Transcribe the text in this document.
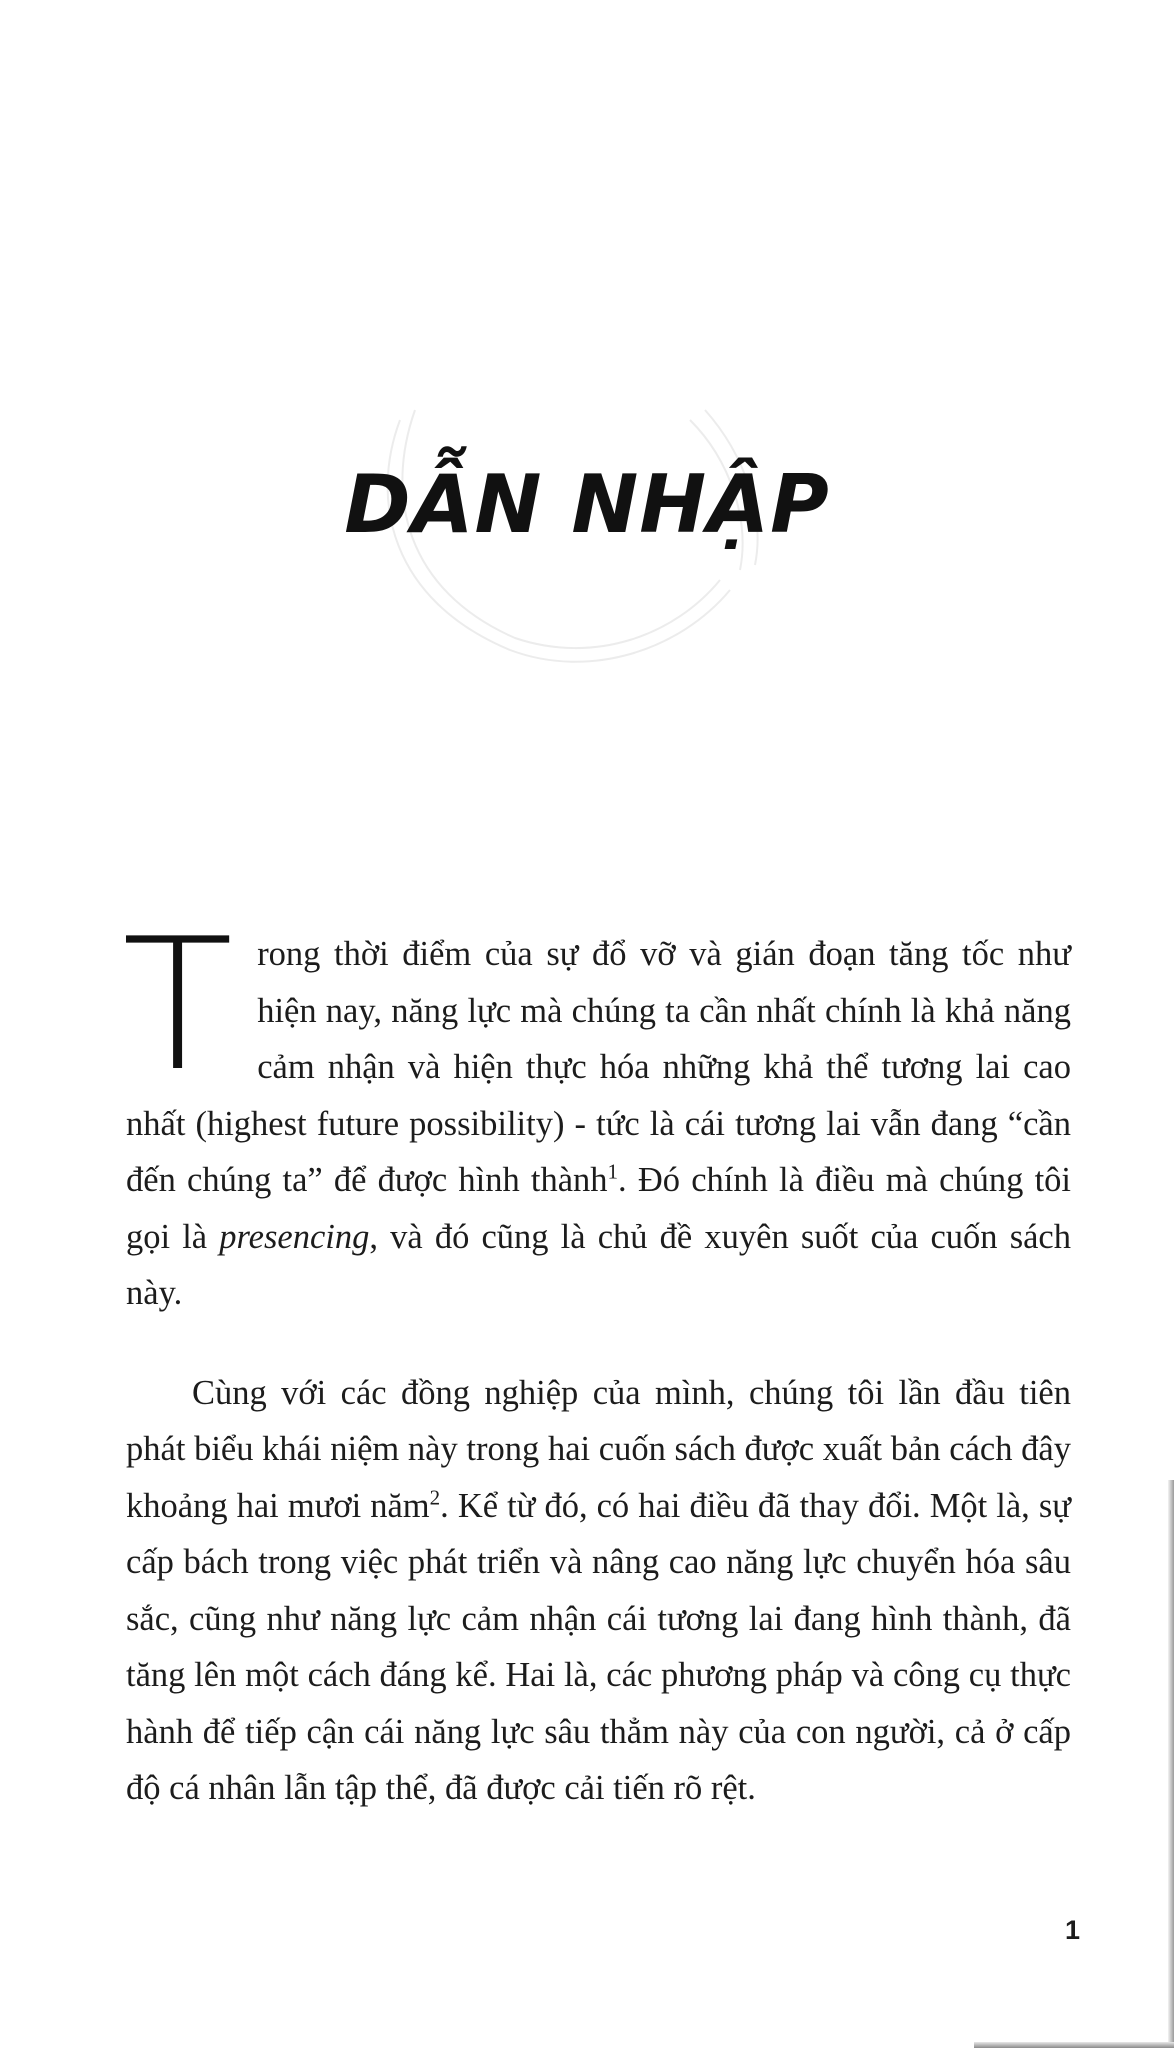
DẪN NHẬP

Trong thời điểm của sự đổ vỡ và gián đoạn tăng tốc như hiện nay, năng lực mà chúng ta cần nhất chính là khả năng cảm nhận và hiện thực hóa những khả thể tương lai cao nhất (highest future possibility) - tức là cái tương lai vẫn đang “cần đến chúng ta” để được hình thành$^1$. Đó chính là điều mà chúng tôi gọi là presencing, và đó cũng là chủ đề xuyên suốt của cuốn sách này.

Cùng với các đồng nghiệp của mình, chúng tôi lần đầu tiên phát biểu khái niệm này trong hai cuốn sách được xuất bản cách đây khoảng hai mươi năm$^2$. Kể từ đó, có hai điều đã thay đổi. Một là, sự cấp bách trong việc phát triển và nâng cao năng lực chuyển hóa sâu sắc, cũng như năng lực cảm nhận cái tương lai đang hình thành, đã tăng lên một cách đáng kể. Hai là, các phương pháp và công cụ thực hành để tiếp cận cái năng lực sâu thẳm này của con người, cả ở cấp độ cá nhân lẫn tập thể, đã được cải tiến rõ rệt.

1
